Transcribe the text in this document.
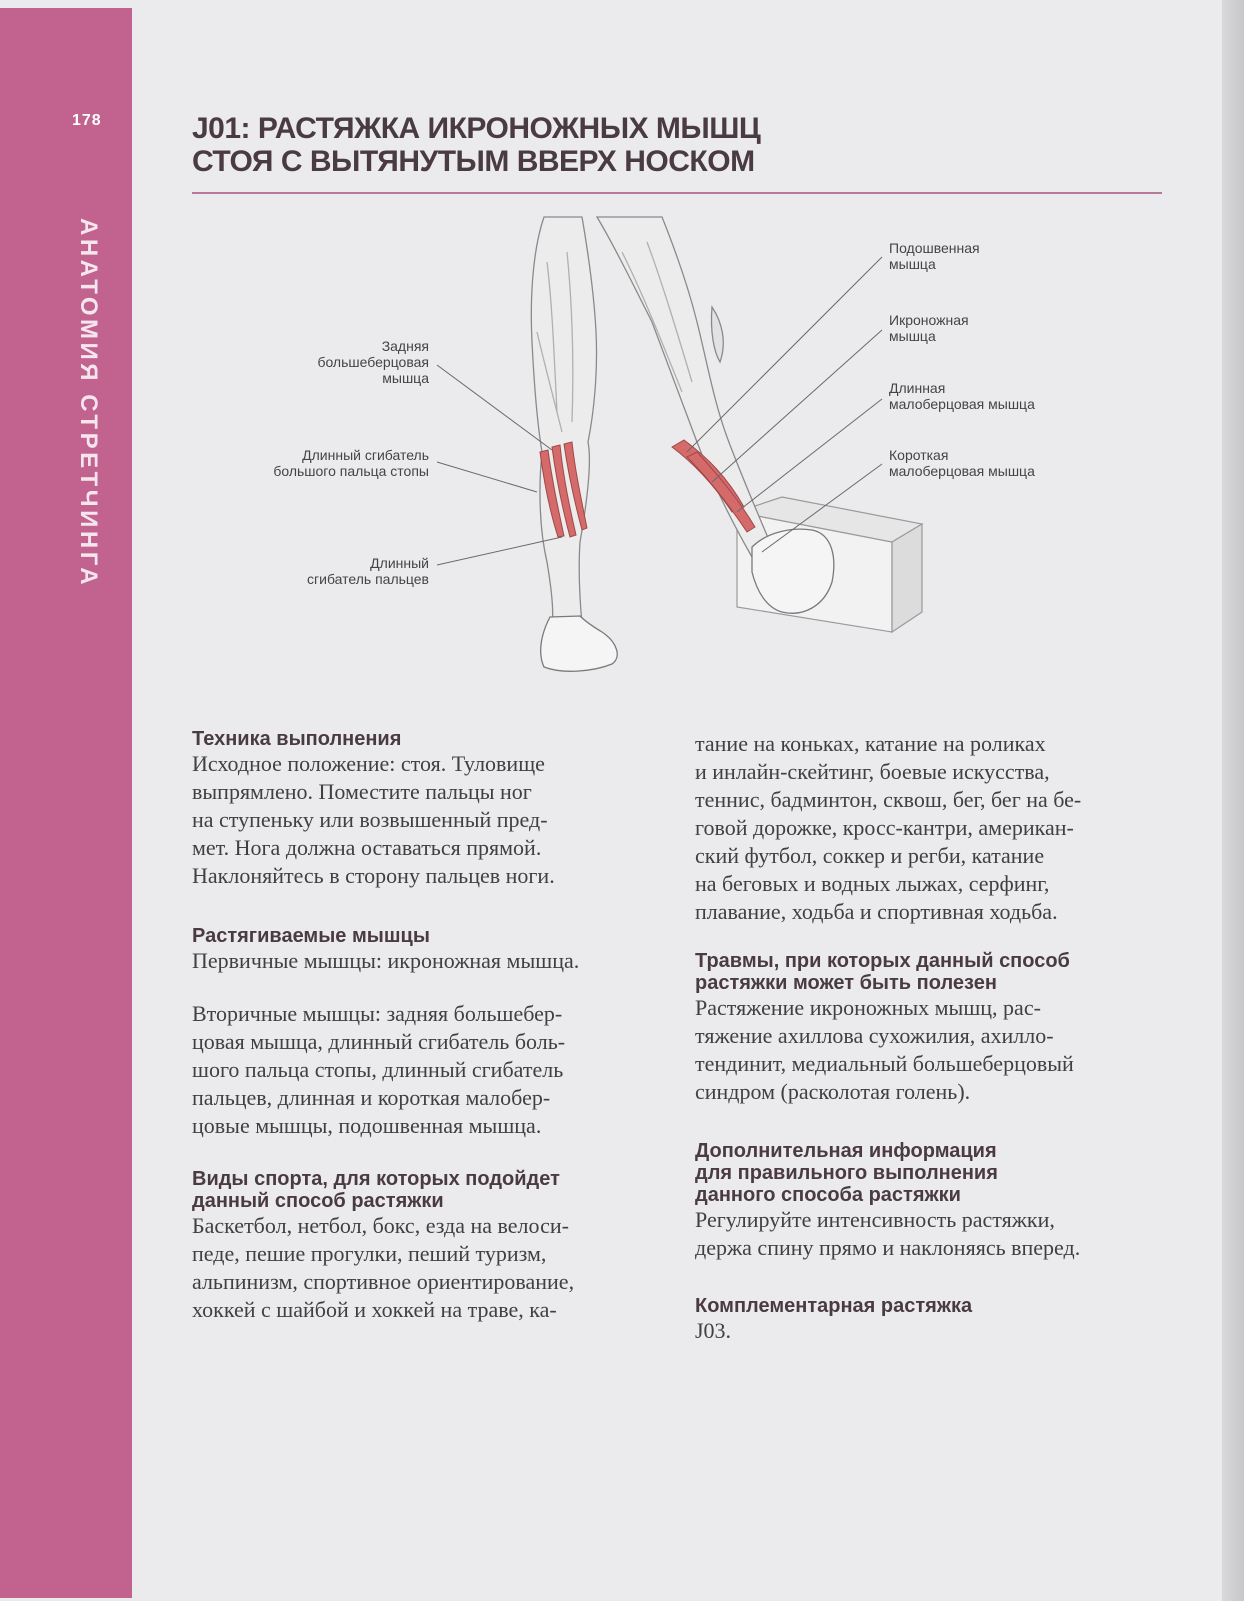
178
АНАТОМИЯ СТРЕТЧИНГА
J01: РАСТЯЖКА ИКРОНОЖНЫХ МЫШЦ
СТОЯ С ВЫТЯНУТЫМ ВВЕРХ НОСКОМ
Задняя
большеберцовая
мышца
Длинный сгибатель
большого пальца стопы
Длинный
сгибатель пальцев
Подошвенная
мышца
Икроножная
мышца
Длинная
малоберцовая мышца
Короткая
малоберцовая мышца
Техника выполнения

Исходное положение: стоя. Туловище
выпрямлено. Поместите пальцы ног
на ступеньку или возвышенный пред-
мет. Нога должна оставаться прямой.
Наклоняйтесь в сторону пальцев ноги.

Растягиваемые мышцы

Первичные мышцы: икроножная мышца.

Вторичные мышцы: задняя большебер-
цовая мышца, длинный сгибатель боль-
шого пальца стопы, длинный сгибатель
пальцев, длинная и короткая малобер-
цовые мышцы, подошвенная мышца.

Виды спорта, для которых подойдет
данный способ растяжки

Баскетбол, нетбол, бокс, езда на велоси-
педе, пешие прогулки, пеший туризм,
альпинизм, спортивное ориентирование,
хоккей с шайбой и хоккей на траве, ка-

тание на коньках, катание на роликах
и инлайн-скейтинг, боевые искусства,
теннис, бадминтон, сквош, бег, бег на бе-
говой дорожке, кросс-кантри, американ-
ский футбол, соккер и регби, катание
на беговых и водных лыжах, серфинг,
плавание, ходьба и спортивная ходьба.

Травмы, при которых данный способ
растяжки может быть полезен

Растяжение икроножных мышц, рас-
тяжение ахиллова сухожилия, ахилло-
тендинит, медиальный большеберцовый
синдром (расколотая голень).

Дополнительная информация
для правильного выполнения
данного способа растяжки

Регулируйте интенсивность растяжки,
держа спину прямо и наклоняясь вперед.

Комплементарная растяжка

J03.
